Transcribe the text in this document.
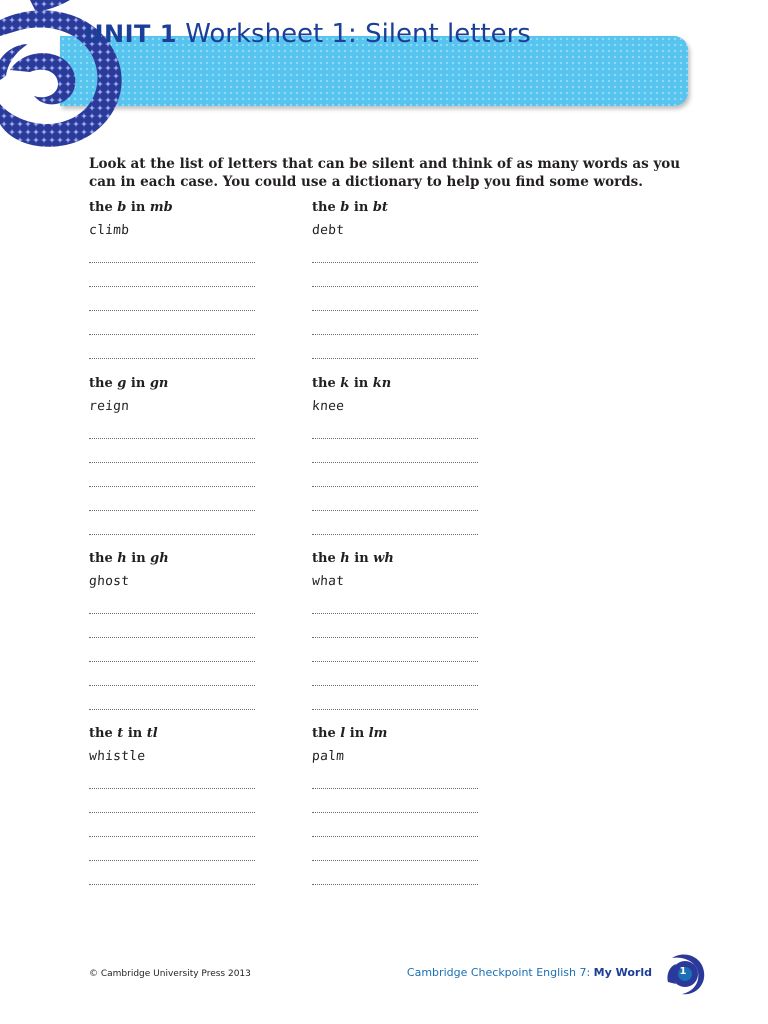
UNIT 1 Worksheet 1: Silent letters
Look at the list of letters that can be silent and think of as many words as you can in each case. You could use a dictionary to help you find some words.
the b in mb
climb
the b in bt
debt
the g in gn
reign
the k in kn
knee
the h in gh
ghost
the h in wh
what
the t in tl
whistle
the l in lm
palm
© Cambridge University Press 2013	Cambridge Checkpoint English 7: My World	1
